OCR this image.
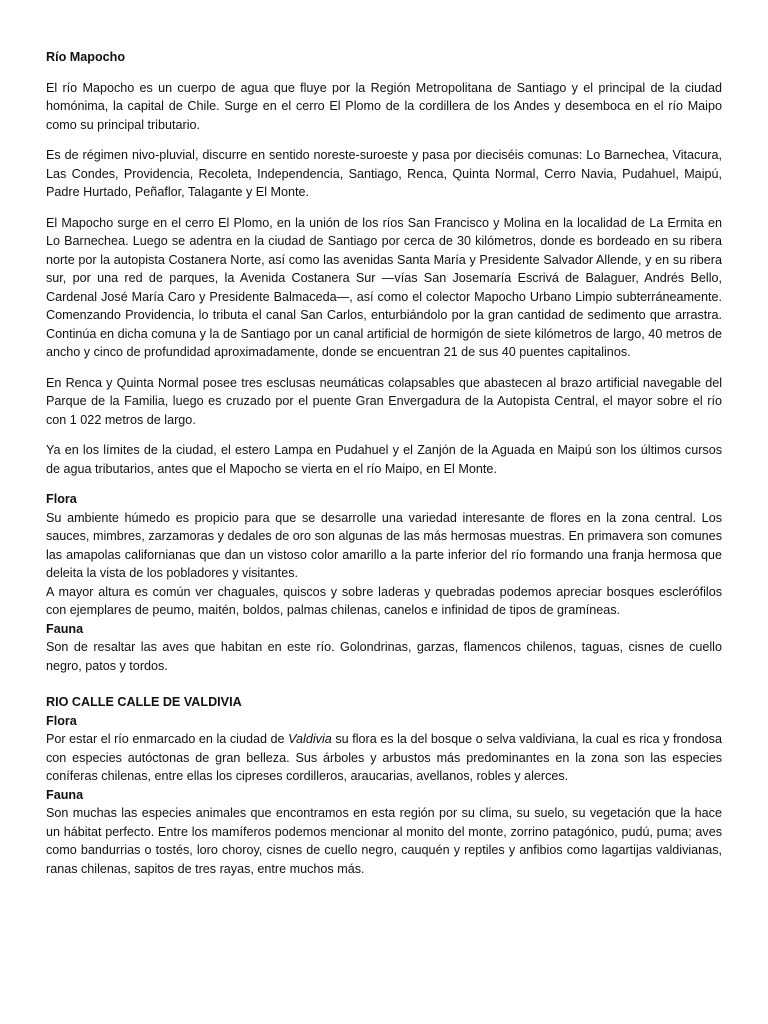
Río Mapocho

El río Mapocho es un cuerpo de agua que fluye por la Región Metropolitana de Santiago y el principal de la ciudad homónima, la capital de Chile. Surge en el cerro El Plomo de la cordillera de los Andes y desemboca en el río Maipo como su principal tributario.

Es de régimen nivo-pluvial, discurre en sentido noreste-suroeste y pasa por dieciséis comunas: Lo Barnechea, Vitacura, Las Condes, Providencia, Recoleta, Independencia, Santiago, Renca, Quinta Normal, Cerro Navia, Pudahuel, Maipú, Padre Hurtado, Peñaflor, Talagante y El Monte.

El Mapocho surge en el cerro El Plomo, en la unión de los ríos San Francisco y Molina en la localidad de La Ermita en Lo Barnechea. Luego se adentra en la ciudad de Santiago por cerca de 30 kilómetros, donde es bordeado en su ribera norte por la autopista Costanera Norte, así como las avenidas Santa María y Presidente Salvador Allende, y en su ribera sur, por una red de parques, la Avenida Costanera Sur —vías San Josemaría Escrivá de Balaguer, Andrés Bello, Cardenal José María Caro y Presidente Balmaceda—, así como el colector Mapocho Urbano Limpio subterráneamente. Comenzando Providencia, lo tributa el canal San Carlos, enturbiándolo por la gran cantidad de sedimento que arrastra. Continúa en dicha comuna y la de Santiago por un canal artificial de hormigón de siete kilómetros de largo, 40 metros de ancho y cinco de profundidad aproximadamente, donde se encuentran 21 de sus 40 puentes capitalinos.

En Renca y Quinta Normal posee tres esclusas neumáticas colapsables que abastecen al brazo artificial navegable del Parque de la Familia, luego es cruzado por el puente Gran Envergadura de la Autopista Central, el mayor sobre el río con 1 022 metros de largo.

Ya en los límites de la ciudad, el estero Lampa en Pudahuel y el Zanjón de la Aguada en Maipú son los últimos cursos de agua tributarios, antes que el Mapocho se vierta en el río Maipo, en El Monte.

Flora

Su ambiente húmedo es propicio para que se desarrolle una variedad interesante de flores en la zona central. Los sauces, mimbres, zarzamoras y dedales de oro son algunas de las más hermosas muestras. En primavera son comunes las amapolas californianas que dan un vistoso color amarillo a la parte inferior del río formando una franja hermosa que deleita la vista de los pobladores y visitantes.

A mayor altura es común ver chaguales, quiscos y sobre laderas y quebradas podemos apreciar bosques esclerófilos con ejemplares de peumo, maitén, boldos, palmas chilenas, canelos e infinidad de tipos de gramíneas.

Fauna

Son de resaltar las aves que habitan en este río. Golondrinas, garzas, flamencos chilenos, taguas, cisnes de cuello negro, patos y tordos.

RIO CALLE CALLE DE VALDIVIA
Flora

Por estar el río enmarcado en la ciudad de Valdivia su flora es la del bosque o selva valdiviana, la cual es rica y frondosa con especies autóctonas de gran belleza. Sus árboles y arbustos más predominantes en la zona son las especies coníferas chilenas, entre ellas los cipreses cordilleros, araucarias, avellanos, robles y alerces.

Fauna

Son muchas las especies animales que encontramos en esta región por su clima, su suelo, su vegetación que la hace un hábitat perfecto. Entre los mamíferos podemos mencionar al monito del monte, zorrino patagónico, pudú, puma; aves como bandurrias o tostés, loro choroy, cisnes de cuello negro, cauquén y reptiles y anfibios como lagartijas valdivianas, ranas chilenas, sapitos de tres rayas, entre muchos más.
